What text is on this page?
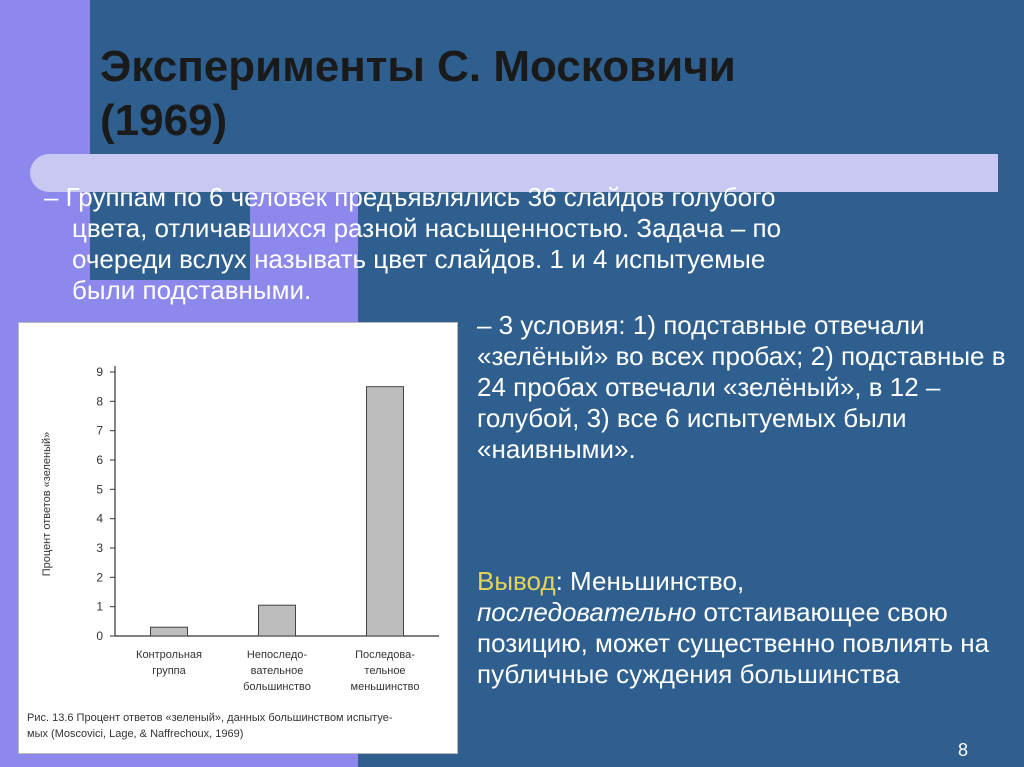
Эксперименты С. Московичи
(1969)
– Группам по 6 человек предъявлялись 36 слайдов голубого
цвета, отличавшихся разной насыщенностью. Задача – по
очереди вслух называть цвет слайдов. 1 и 4 испытуемые
были подставными.
0
1
2
3
4
5
6
7
8
9
Процент ответов «зеленый»
Контрольная
группа
Непоследо-
вательное
большинство
Последова-
тельное
меньшинство
Рис. 13.6 Процент ответов «зеленый», данных большинством испытуе-
мых (Moscovici, Lage, & Naffrechoux, 1969)
– 3 условия: 1) подставные отвечали «зелёный» во всех пробах; 2) подставные в 24 пробах отвечали «зелёный», в 12 – голубой, 3) все 6 испытуемых были «наивными».
Вывод: Меньшинство,
последовательно отстаивающее свою позицию, может существенно повлиять на публичные суждения большинства
8
